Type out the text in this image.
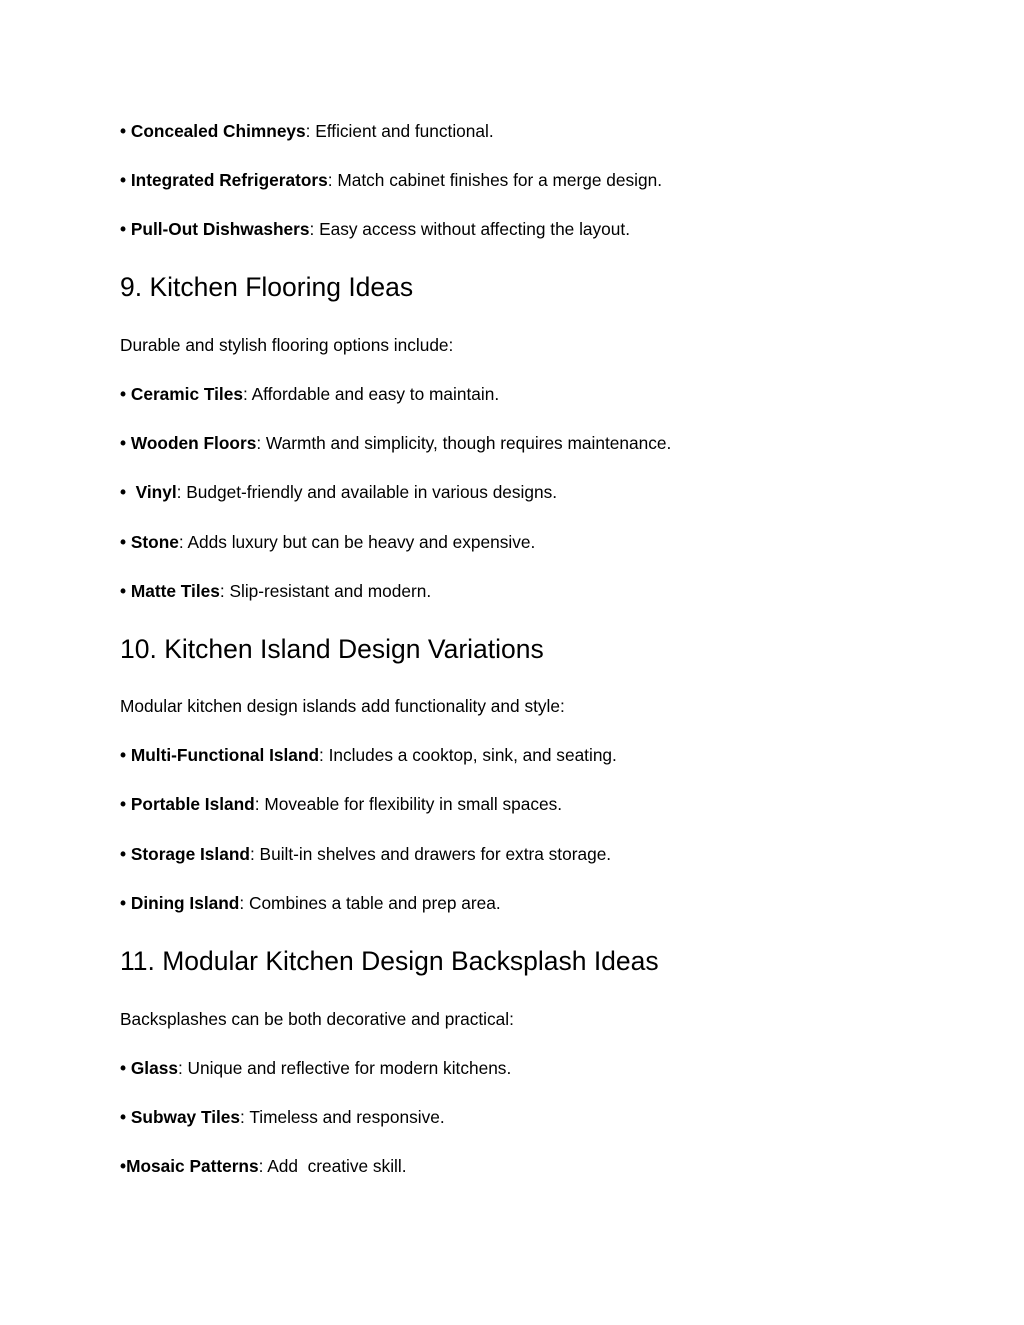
• Concealed Chimneys: Efficient and functional.

• Integrated Refrigerators: Match cabinet finishes for a merge design.

• Pull-Out Dishwashers: Easy access without affecting the layout.

9. Kitchen Flooring Ideas

Durable and stylish flooring options include:

• Ceramic Tiles: Affordable and easy to maintain.

• Wooden Floors: Warmth and simplicity, though requires maintenance.

•  Vinyl: Budget-friendly and available in various designs.

• Stone: Adds luxury but can be heavy and expensive.

• Matte Tiles: Slip-resistant and modern.

10. Kitchen Island Design Variations

Modular kitchen design islands add functionality and style:

• Multi-Functional Island: Includes a cooktop, sink, and seating.

• Portable Island: Moveable for flexibility in small spaces.

• Storage Island: Built-in shelves and drawers for extra storage.

• Dining Island: Combines a table and prep area.

11. Modular Kitchen Design Backsplash Ideas

Backsplashes can be both decorative and practical:

• Glass: Unique and reflective for modern kitchens.

• Subway Tiles: Timeless and responsive.

•Mosaic Patterns: Add  creative skill.
